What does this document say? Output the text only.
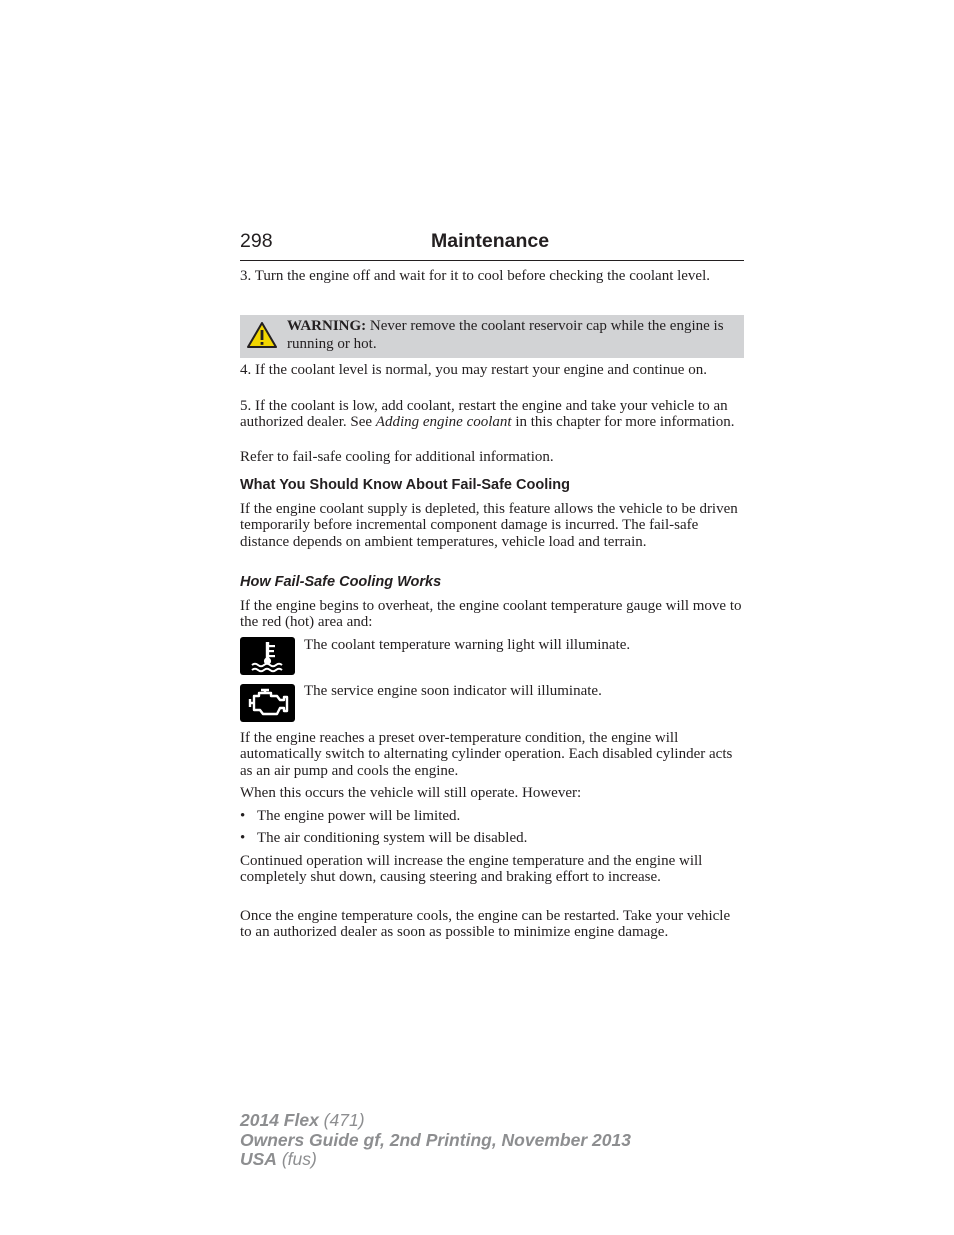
298	Maintenance

3. Turn the engine off and wait for it to cool before checking the coolant level.

WARNING: Never remove the coolant reservoir cap while the engine is running or hot.

4. If the coolant level is normal, you may restart your engine and continue on.

5. If the coolant is low, add coolant, restart the engine and take your vehicle to an authorized dealer. See Adding engine coolant in this chapter for more information.

Refer to fail-safe cooling for additional information.

What You Should Know About Fail-Safe Cooling

If the engine coolant supply is depleted, this feature allows the vehicle to be driven temporarily before incremental component damage is incurred. The fail-safe distance depends on ambient temperatures, vehicle load and terrain.

How Fail-Safe Cooling Works

If the engine begins to overheat, the engine coolant temperature gauge will move to the red (hot) area and:

The coolant temperature warning light will illuminate.
The service engine soon indicator will illuminate.

If the engine reaches a preset over-temperature condition, the engine will automatically switch to alternating cylinder operation. Each disabled cylinder acts as an air pump and cools the engine.

When this occurs the vehicle will still operate. However:

• The engine power will be limited.
• The air conditioning system will be disabled.

Continued operation will increase the engine temperature and the engine will completely shut down, causing steering and braking effort to increase.

Once the engine temperature cools, the engine can be restarted. Take your vehicle to an authorized dealer as soon as possible to minimize engine damage.

2014 Flex (471)
Owners Guide gf, 2nd Printing, November 2013
USA (fus)
